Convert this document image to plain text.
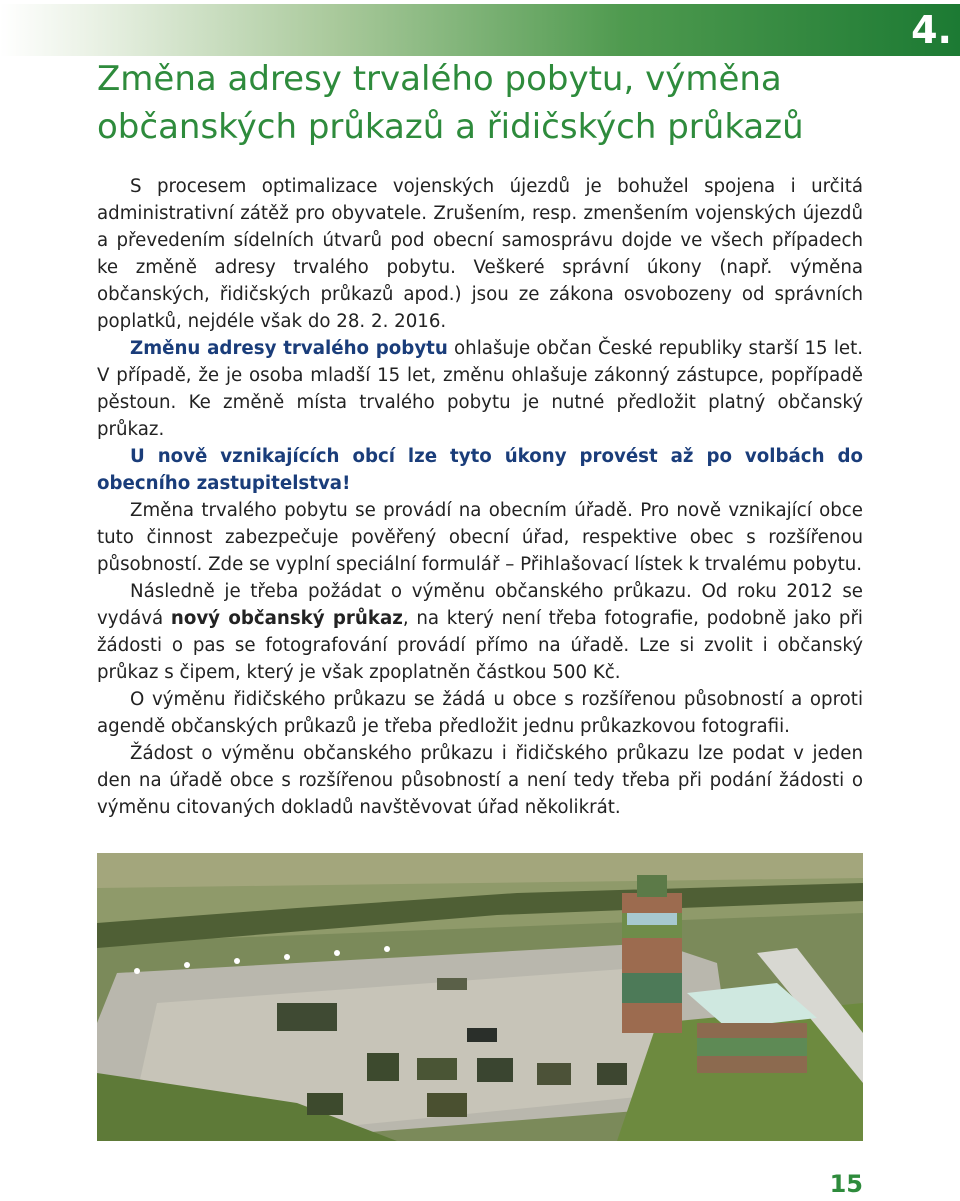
4.
Změna adresy trvalého pobytu, výměna
občanských průkazů a řidičských průkazů

S procesem optimalizace vojenských újezdů je bohužel spojena i určitá administrativní zátěž pro obyvatele. Zrušením, resp. zmenšením vojenských újezdů a převedením sídelních útvarů pod obecní samosprávu dojde ve všech případech ke změně adresy trvalého pobytu. Veškeré správní úkony (např. výměna občanských, řidičských průkazů apod.) jsou ze zákona osvobozeny od správních poplatků, nejdéle však do 28. 2. 2016.

Změnu adresy trvalého pobytu ohlašuje občan České republiky starší 15 let. V případě, že je osoba mladší 15 let, změnu ohlašuje zákonný zástupce, popřípadě pěstoun. Ke změně místa trvalého pobytu je nutné předložit platný občanský průkaz.

U nově vznikajících obcí lze tyto úkony provést až po volbách do obecního zastupitelstva!

Změna trvalého pobytu se provádí na obecním úřadě. Pro nově vznikající obce tuto činnost zabezpečuje pověřený obecní úřad, respektive obec s rozšířenou působností. Zde se vyplní speciální formulář – Přihlašovací lístek k trvalému pobytu.

Následně je třeba požádat o výměnu občanského průkazu. Od roku 2012 se vydává nový občanský průkaz, na který není třeba fotografie, podobně jako při žádosti o pas se fotografování provádí přímo na úřadě. Lze si zvolit i občanský průkaz s čipem, který je však zpoplatněn částkou 500 Kč.

O výměnu řidičského průkazu se žádá u obce s rozšířenou působností a oproti agendě občanských průkazů je třeba předložit jednu průkazkovou fotografii.

Žádost o výměnu občanského průkazu i řidičského průkazu lze podat v jeden den na úřadě obce s rozšířenou působností a není tedy třeba při podání žádosti o výměnu citovaných dokladů navštěvovat úřad několikrát.

15
